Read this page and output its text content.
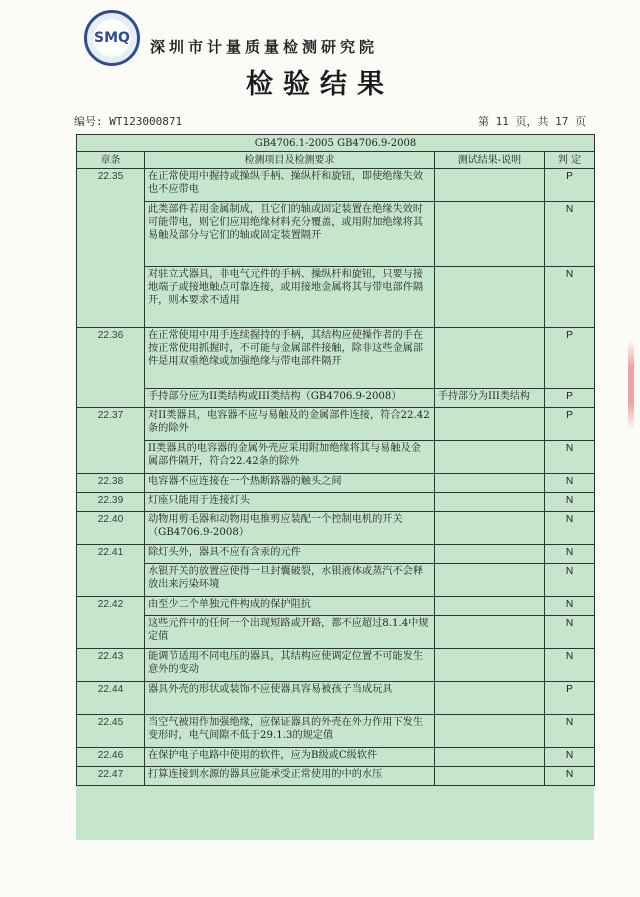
SMQ 深圳市计量质量检测研究院
检验结果
编号: WT123000871	第 11 页，共 17 页
GB4706.1-2005 GB4706.9-2008			
章条	检测项目及检测要求	测试结果-说明	判 定
22.35	在正常使用中握持或操纵手柄、操纵杆和旋钮，即使绝缘失效也不应带电		P
	此类部件若用金属制成，且它们的轴或固定装置在绝缘失效时可能带电，则它们应用绝缘材料充分覆盖，或用附加绝缘将其易触及部分与它们的轴或固定装置隔开		N
	对驻立式器具，非电气元件的手柄、操纵杆和旋钮，只要与接地端子或接地触点可靠连接，或用接地金属将其与带电部件隔开，则本要求不适用		N
22.36	在正常使用中用手连续握持的手柄，其结构应使操作者的手在按正常使用抓握时，不可能与金属部件接触，除非这些金属部件是用双重绝缘或加强绝缘与带电部件隔开		P
	手持部分应为II类结构或III类结构（GB4706.9-2008）	手持部分为III类结构	P
22.37	对II类器具，电容器不应与易触及的金属部件连接，符合22.42条的除外		P
	II类器具的电容器的金属外壳应采用附加绝缘将其与易触及金属部件隔开，符合22.42条的除外		N
22.38	电容器不应连接在一个热断路器的触头之间		N
22.39	灯座只能用于连接灯头		N
22.40	动物用剪毛器和动物用电推剪应装配一个控制电机的开关（GB4706.9-2008）		N
22.41	除灯头外，器具不应有含汞的元件		N
	水银开关的放置应使得一旦封囊破裂，水银液体或蒸汽不会释放出来污染环境		N
22.42	由至少二个单独元件构成的保护阻抗		N
	这些元件中的任何一个出现短路或开路，都不应超过8.1.4中规定值		N
22.43	能调节适用不同电压的器具，其结构应使调定位置不可能发生意外的变动		N
22.44	器具外壳的形状或装饰不应使器具容易被孩子当成玩具		P
22.45	当空气被用作加强绝缘，应保证器具的外壳在外力作用下发生变形时，电气间隙不低于29.1.3的规定值		N
22.46	在保护电子电路中使用的软件，应为B级或C级软件		N
22.47	打算连接到水源的器具应能承受正常使用的中的水压		N
